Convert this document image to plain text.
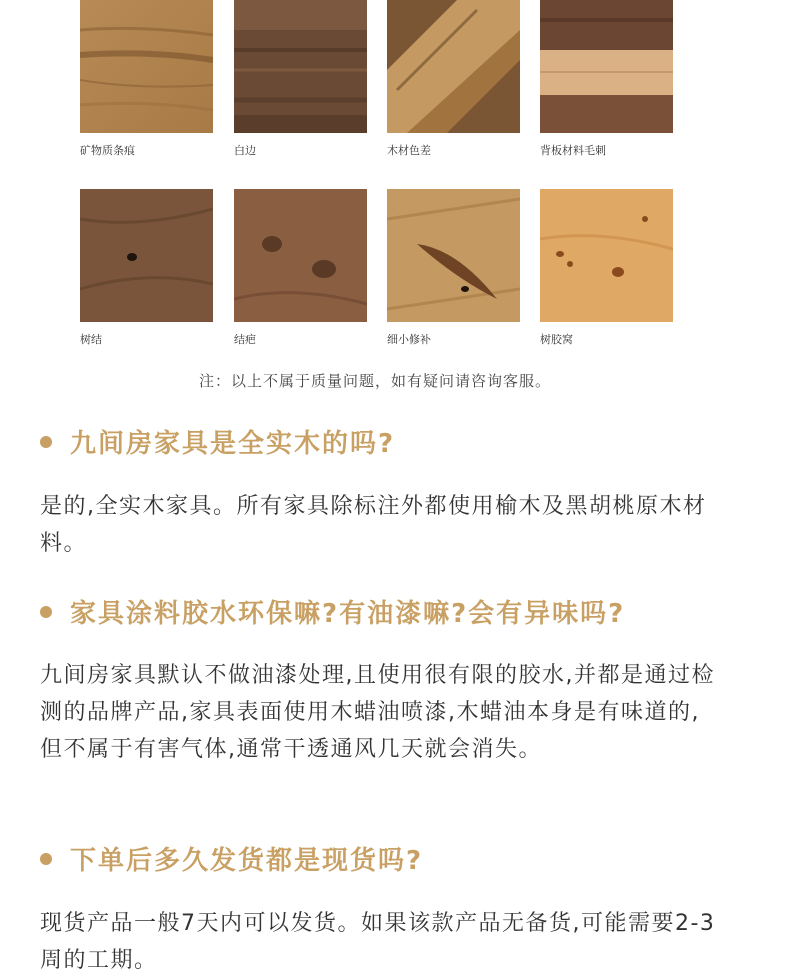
矿物质条痕	白边	木材色差	背板材料毛刺
树结	结疤	细小修补	树胶窝
注：以上不属于质量问题，如有疑问请咨询客服。
九间房家具是全实木的吗?
是的,全实木家具。所有家具除标注外都使用榆木及黑胡桃原木材料。
家具涂料胶水环保嘛?有油漆嘛?会有异味吗?
九间房家具默认不做油漆处理,且使用很有限的胶水,并都是通过检测的品牌产品,家具表面使用木蜡油喷漆,木蜡油本身是有味道的,但不属于有害气体,通常干透通风几天就会消失。
下单后多久发货都是现货吗?
现货产品一般7天内可以发货。如果该款产品无备货,可能需要2-3周的工期。
